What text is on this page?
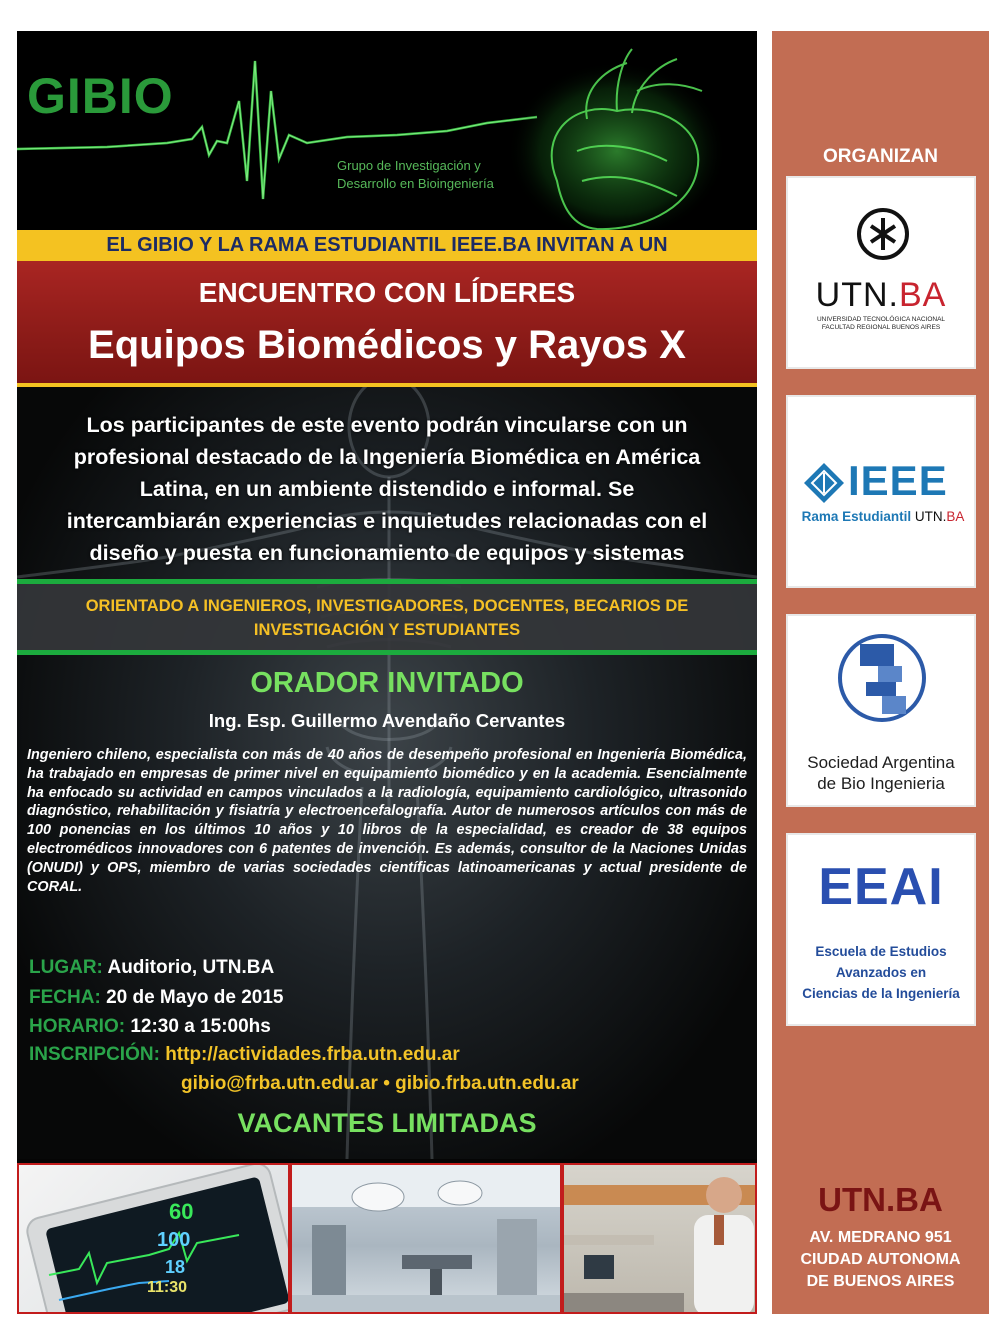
GIBIO
Grupo de Investigación y
Desarrollo en Bioingeniería
EL GIBIO Y LA RAMA ESTUDIANTIL IEEE.BA INVITAN A UN
ENCUENTRO CON LÍDERES
Equipos Biomédicos y Rayos X
Los participantes de este evento podrán vincularse con un
profesional destacado de la Ingeniería Biomédica en América
Latina, en un ambiente distendido e informal. Se
intercambiarán experiencias e inquietudes relacionadas con el
diseño y puesta en funcionamiento de equipos y sistemas
ORIENTADO A INGENIEROS, INVESTIGADORES, DOCENTES, BECARIOS DE
INVESTIGACIÓN Y ESTUDIANTES
ORADOR INVITADO
Ing. Esp. Guillermo Avendaño Cervantes
Ingeniero chileno, especialista con más de 40 años de desempeño profesional en Ingeniería Biomédica, ha trabajado en empresas de primer nivel en equipamiento biomédico y en la academia. Esencialmente ha enfocado su actividad en campos vinculados a la radiología, equipamiento cardiológico, ultrasonido diagnóstico, rehabilitación y fisiatría y electroencefalografía. Autor de numerosos artículos con más de 100 ponencias en los últimos 10 años y 10 libros de la especialidad, es creador de 38 equipos electromédicos innovadores con 6 patentes de invención. Es además, consultor de la Naciones Unidas (ONUDI) y OPS, miembro de varias sociedades científicas latinoamericanas y actual presidente de CORAL.
LUGAR: Auditorio, UTN.BA
FECHA: 20 de Mayo de 2015
HORARIO: 12:30 a 15:00hs
INSCRIPCIÓN: http://actividades.frba.utn.edu.ar
gibio@frba.utn.edu.ar • gibio.frba.utn.edu.ar
VACANTES LIMITADAS
60
100
18
11:30
ORGANIZAN
UTN.BA
UNIVERSIDAD TECNOLÓGICA NACIONAL
FACULTAD REGIONAL BUENOS AIRES
IEEE
Rama Estudiantil UTN.BA
Sociedad Argentina
de Bio Ingenieria
EEAI
Escuela de Estudios
Avanzados en
Ciencias de la Ingeniería
UTN.BA
AV. MEDRANO 951
CIUDAD AUTONOMA
DE BUENOS AIRES
